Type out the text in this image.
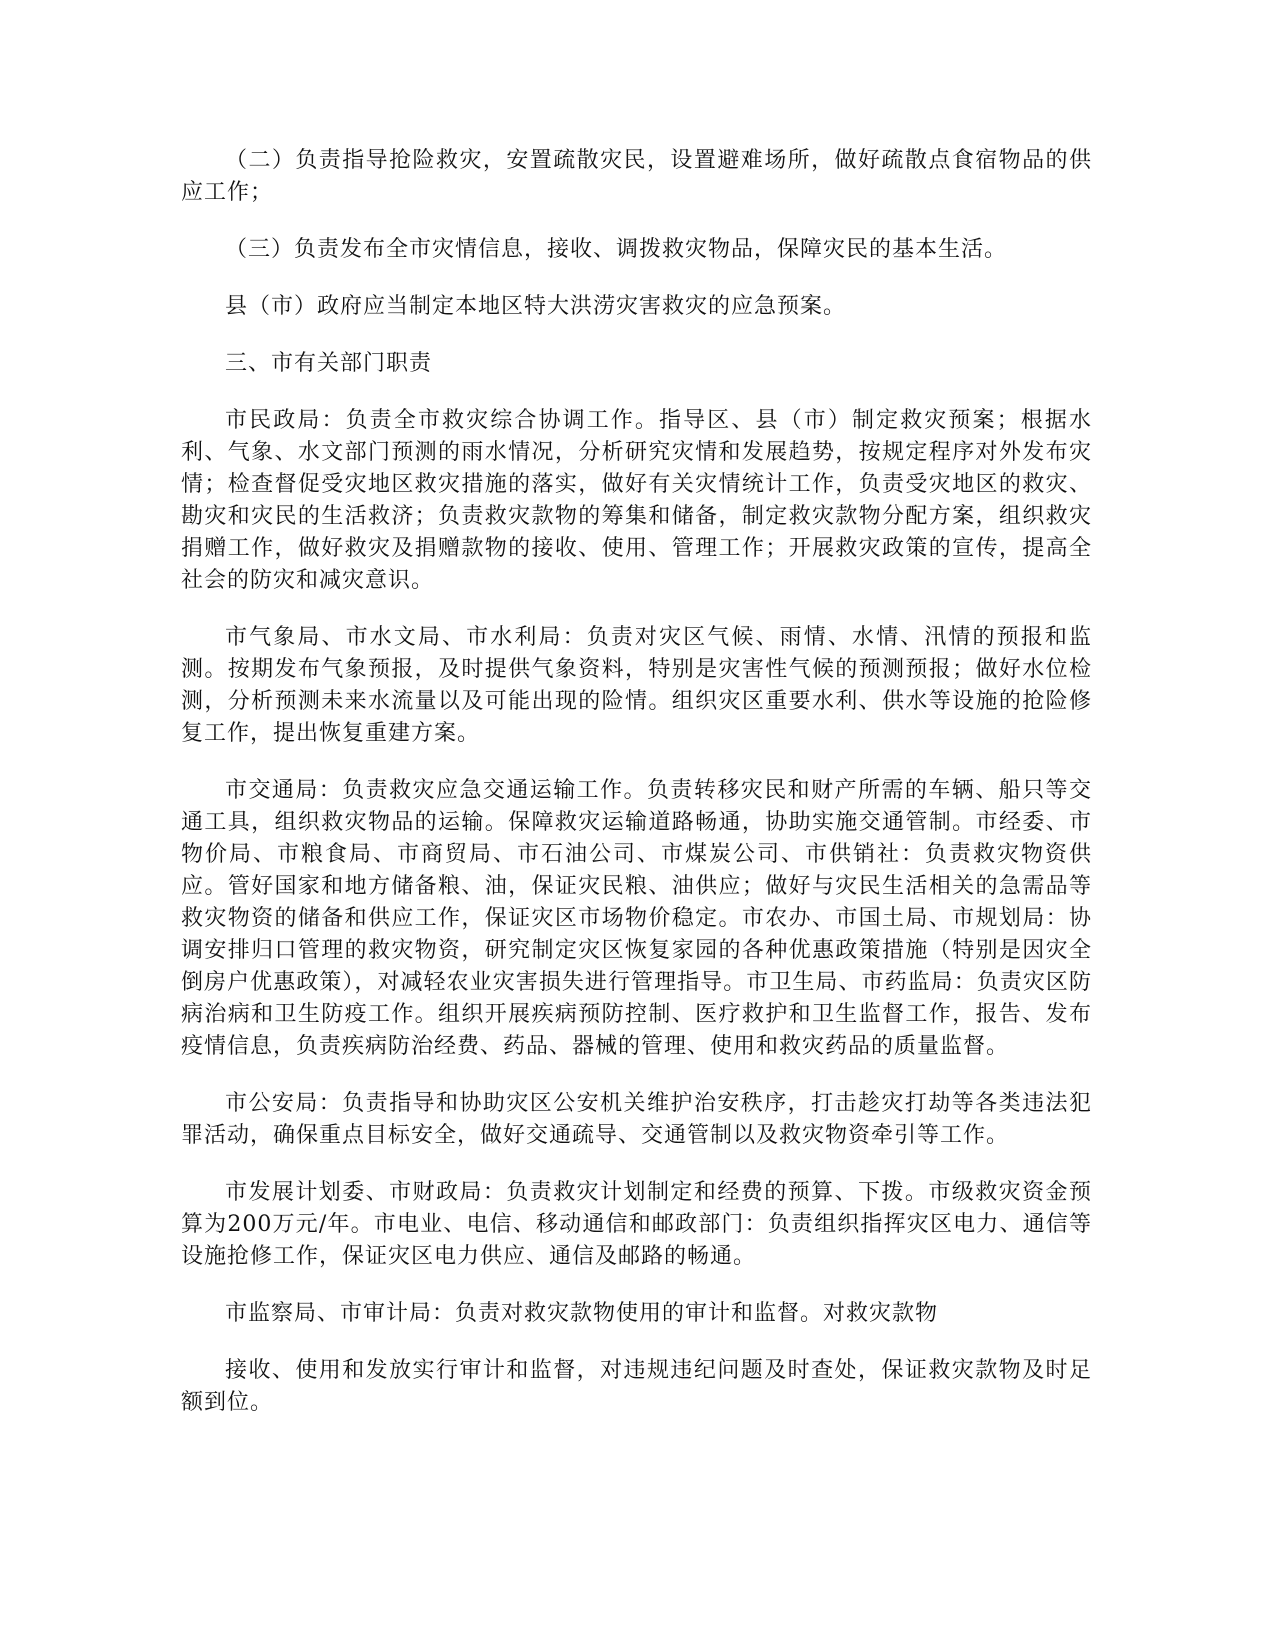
（二）负责指导抢险救灾，安置疏散灾民，设置避难场所，做好疏散点食宿物品的供应工作；

（三）负责发布全市灾情信息，接收、调拨救灾物品，保障灾民的基本生活。

县（市）政府应当制定本地区特大洪涝灾害救灾的应急预案。

三、市有关部门职责

市民政局：负责全市救灾综合协调工作。指导区、县（市）制定救灾预案；根据水利、气象、水文部门预测的雨水情况，分析研究灾情和发展趋势，按规定程序对外发布灾情；检查督促受灾地区救灾措施的落实，做好有关灾情统计工作，负责受灾地区的救灾、勘灾和灾民的生活救济；负责救灾款物的筹集和储备，制定救灾款物分配方案，组织救灾捐赠工作，做好救灾及捐赠款物的接收、使用、管理工作；开展救灾政策的宣传，提高全社会的防灾和减灾意识。

市气象局、市水文局、市水利局：负责对灾区气候、雨情、水情、汛情的预报和监测。按期发布气象预报，及时提供气象资料，特别是灾害性气候的预测预报；做好水位检测，分析预测未来水流量以及可能出现的险情。组织灾区重要水利、供水等设施的抢险修复工作，提出恢复重建方案。

市交通局：负责救灾应急交通运输工作。负责转移灾民和财产所需的车辆、船只等交通工具，组织救灾物品的运输。保障救灾运输道路畅通，协助实施交通管制。市经委、市物价局、市粮食局、市商贸局、市石油公司、市煤炭公司、市供销社：负责救灾物资供应。管好国家和地方储备粮、油，保证灾民粮、油供应；做好与灾民生活相关的急需品等救灾物资的储备和供应工作，保证灾区市场物价稳定。市农办、市国土局、市规划局：协调安排归口管理的救灾物资，研究制定灾区恢复家园的各种优惠政策措施（特别是因灾全倒房户优惠政策），对减轻农业灾害损失进行管理指导。市卫生局、市药监局：负责灾区防病治病和卫生防疫工作。组织开展疾病预防控制、医疗救护和卫生监督工作，报告、发布疫情信息，负责疾病防治经费、药品、器械的管理、使用和救灾药品的质量监督。

市公安局：负责指导和协助灾区公安机关维护治安秩序，打击趁灾打劫等各类违法犯罪活动，确保重点目标安全，做好交通疏导、交通管制以及救灾物资牵引等工作。

市发展计划委、市财政局：负责救灾计划制定和经费的预算、下拨。市级救灾资金预算为200万元/年。市电业、电信、移动通信和邮政部门：负责组织指挥灾区电力、通信等设施抢修工作，保证灾区电力供应、通信及邮路的畅通。

市监察局、市审计局：负责对救灾款物使用的审计和监督。对救灾款物

接收、使用和发放实行审计和监督，对违规违纪问题及时查处，保证救灾款物及时足额到位。
